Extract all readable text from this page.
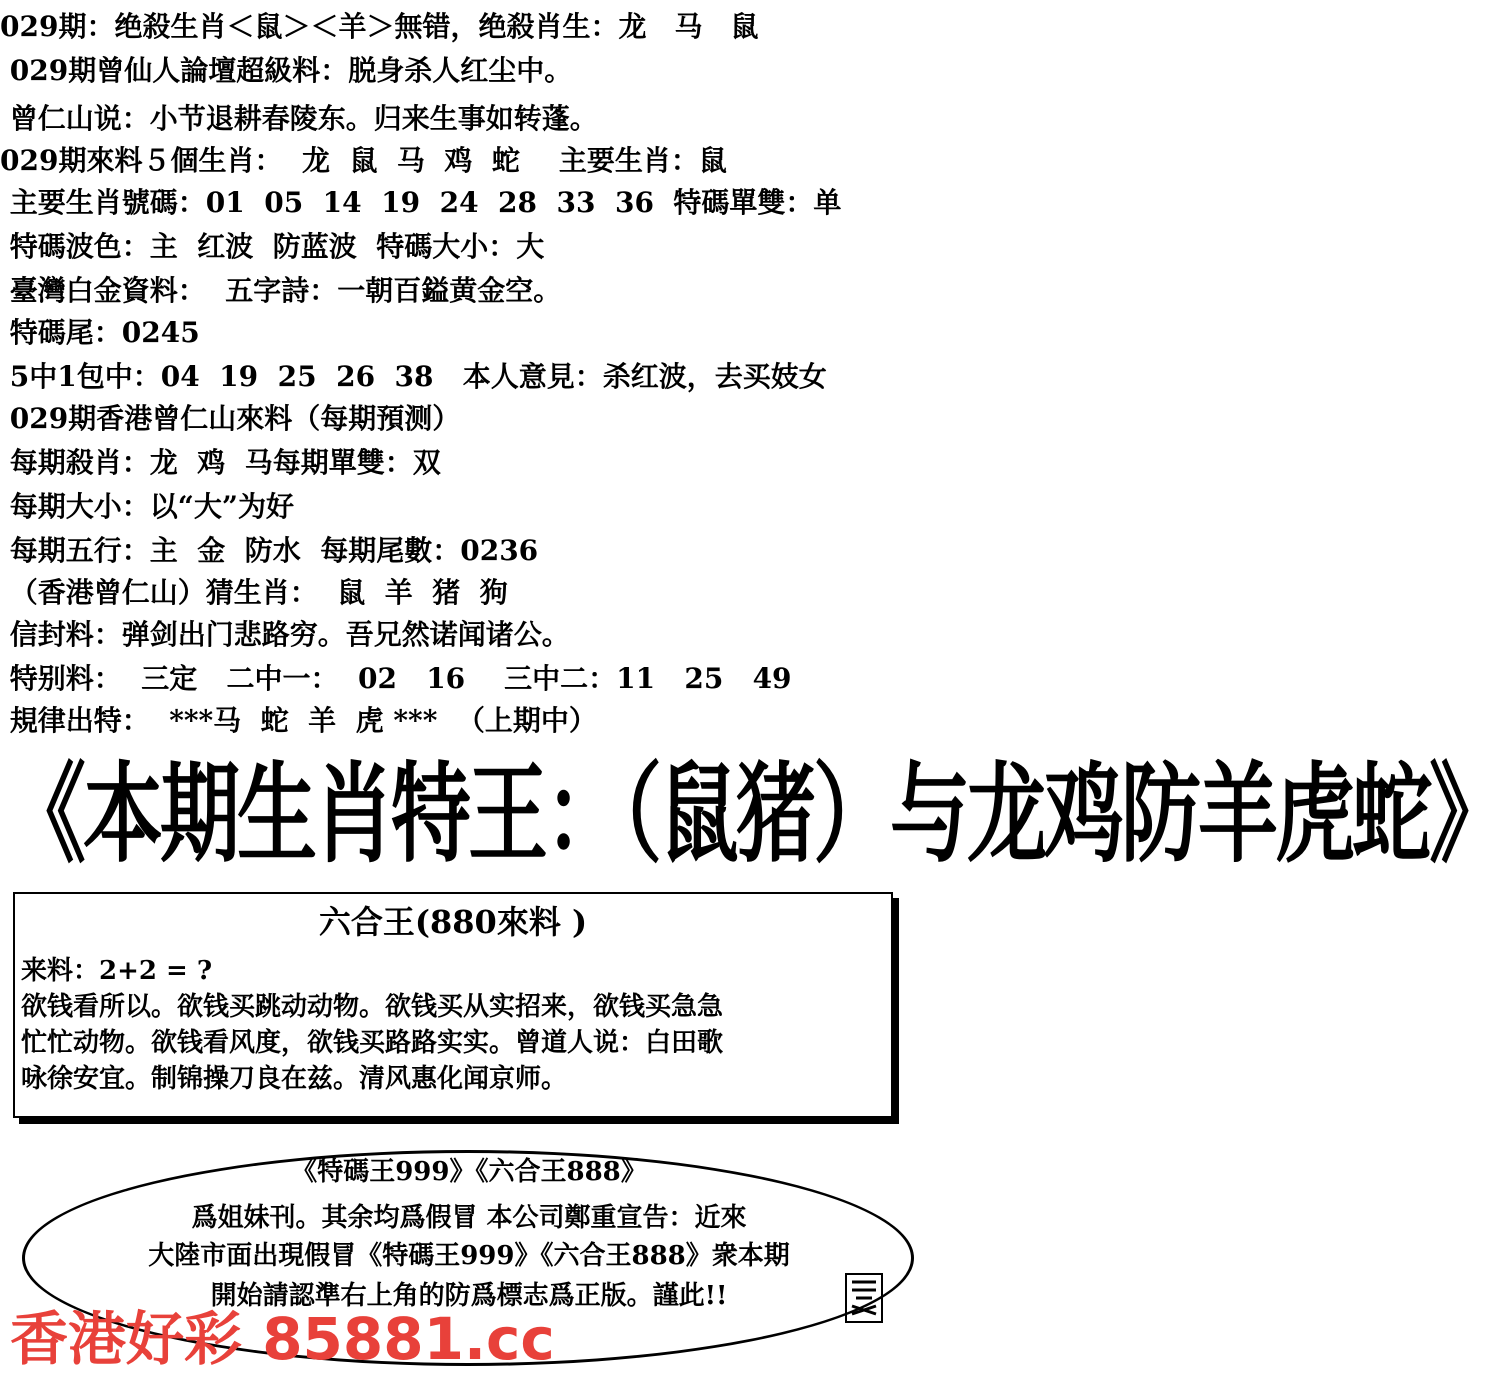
029期：绝殺生肖＜鼠＞＜羊＞無错，绝殺肖生：龙　马　鼠
029期曾仙人論壇超級料：脱身杀人红尘中。
曾仁山说：小节退耕春陵东。归来生事如转蓬。
029期來料５個生肖：  龙  鼠  马  鸡  蛇    主要生肖：鼠
主要生肖號碼：01  05  14  19  24  28  33  36  特碼單雙：单
特碼波色：主  红波  防蓝波  特碼大小：大
臺灣白金資料：  五字詩：一朝百鎰黄金空。
特碼尾：0245
5中1包中：04  19  25  26  38   本人意見：杀红波，去买妓女
029期香港曾仁山來料（每期預测）
每期殺肖：龙  鸡  马每期單雙：双
每期大小：以“大”为好
每期五行：主  金  防水  每期尾數：0236
（香港曾仁山）猜生肖：  鼠  羊  猪  狗
信封料：弹剑出门悲路穷。吾兄然诺闻诸公。
特别料：  三定   二中一：  02   16    三中二：11   25   49
規律出特：  ***马  蛇  羊  虎 ***  （上期中）
《本期生肖特王：（鼠猪）与龙鸡防羊虎蛇》
六合王(880來料 )
来料：2+2 = ?
欲钱看所以。欲钱买跳动动物。欲钱买从实招来，欲钱买急急
忙忙动物。欲钱看风度，欲钱买路路实实。曾道人说：白田歌
咏徐安宜。制锦操刀良在兹。清风惠化闻京师。
《特碼王999》《六合王888》
爲姐妹刊。其余均爲假冒 本公司鄭重宣告：近來
大陸市面出現假冒《特碼王999》《六合王888》衆本期
開始請認準右上角的防爲標志爲正版。謹此!!
香港好彩 85881.cc
